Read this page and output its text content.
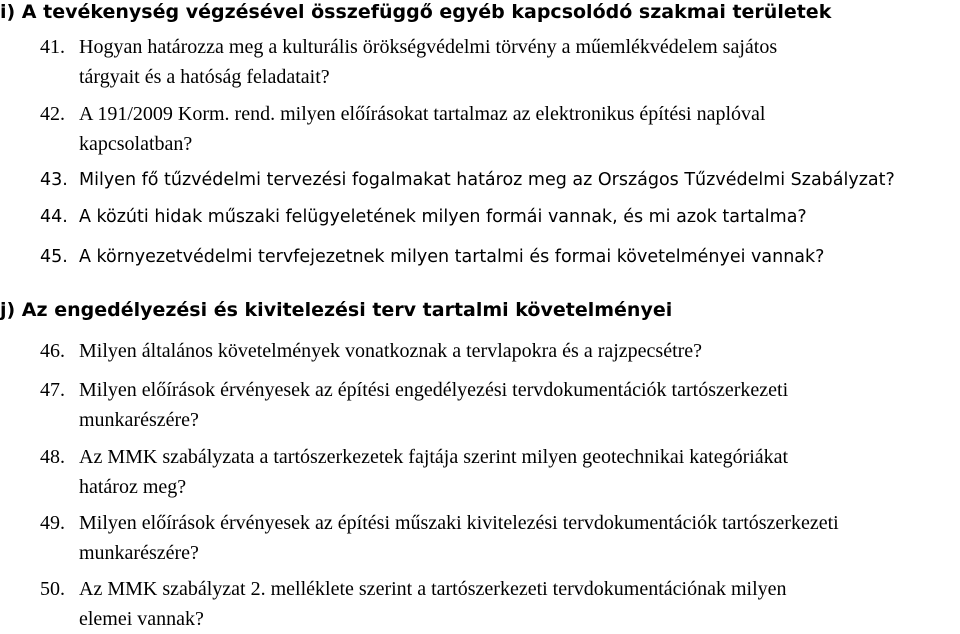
i) A tevékenység végzésével összefüggő egyéb kapcsolódó szakmai területek

41. Hogyan határozza meg a kulturális örökségvédelmi törvény a műemlékvédelem sajátos
tárgyait és a hatóság feladatait?

42. A 191/2009 Korm. rend. milyen előírásokat tartalmaz az elektronikus építési naplóval
kapcsolatban?

43. Milyen fő tűzvédelmi tervezési fogalmakat határoz meg az Országos Tűzvédelmi Szabályzat?

44. A közúti hidak műszaki felügyeletének milyen formái vannak, és mi azok tartalma?

45. A környezetvédelmi tervfejezetnek milyen tartalmi és formai követelményei vannak?

j) Az engedélyezési és kivitelezési terv tartalmi követelményei

46. Milyen általános követelmények vonatkoznak a tervlapokra és a rajzpecsétre?

47. Milyen előírások érvényesek az építési engedélyezési tervdokumentációk tartószerkezeti
munkarészére?

48. Az MMK szabályzata a tartószerkezetek fajtája szerint milyen geotechnikai kategóriákat
határoz meg?

49. Milyen előírások érvényesek az építési műszaki kivitelezési tervdokumentációk tartószerkezeti
munkarészére?

50. Az MMK szabályzat 2. melléklete szerint a tartószerkezeti tervdokumentációnak milyen
elemei vannak?
